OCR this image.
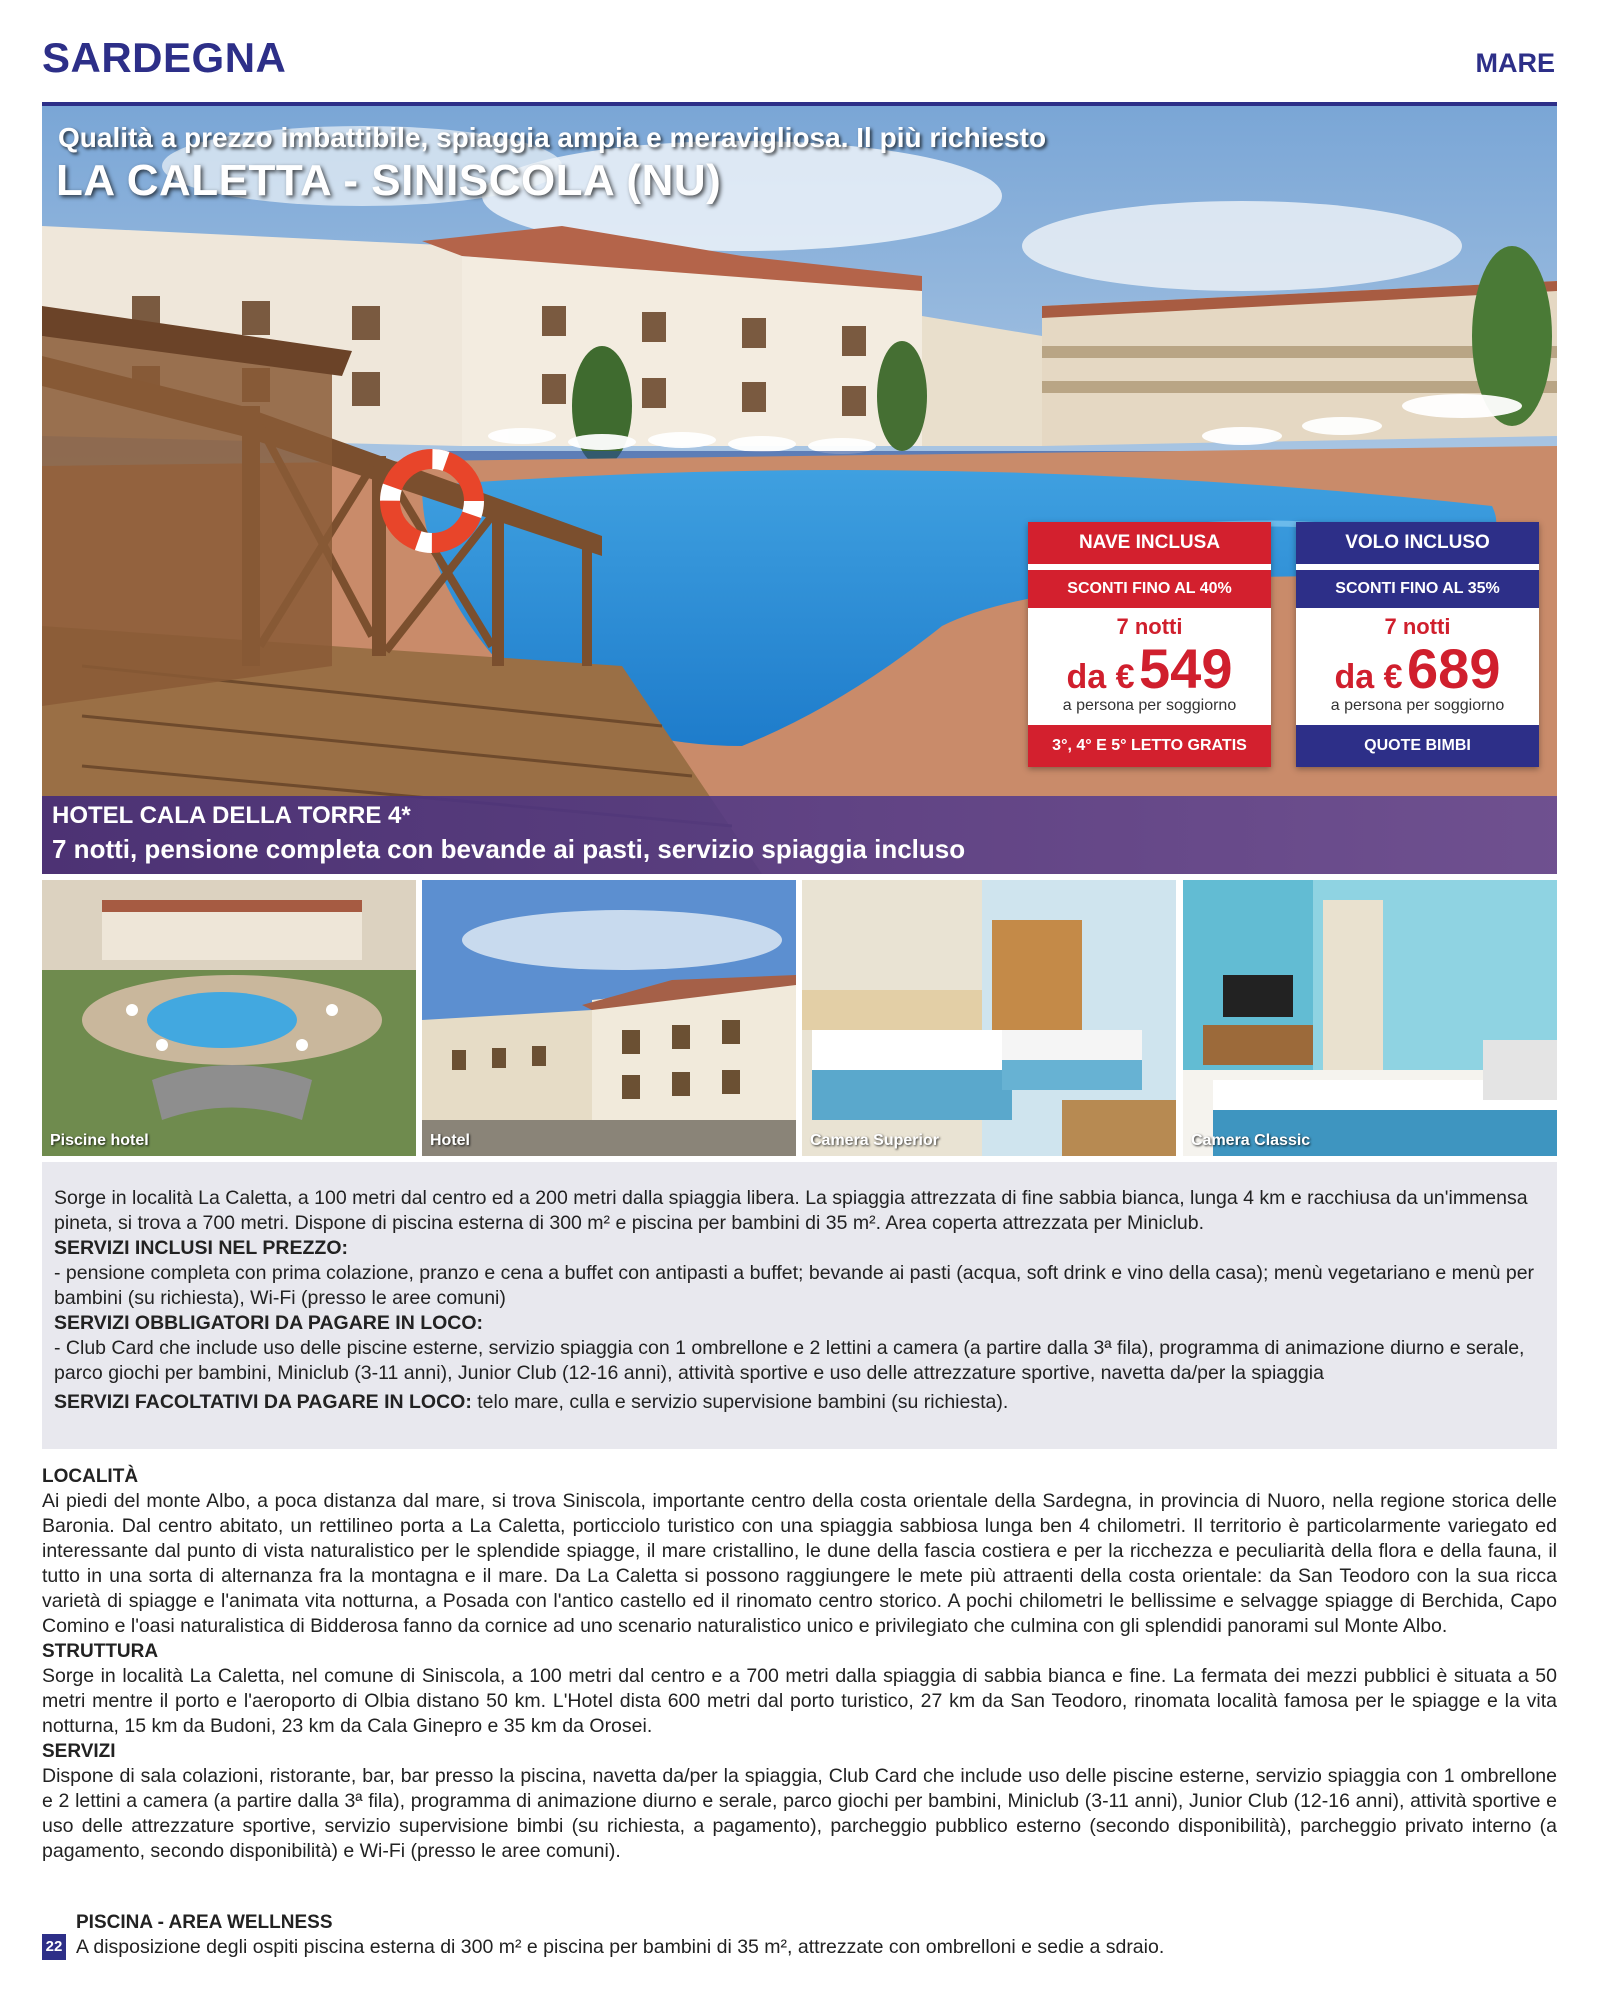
SARDEGNA	MARE
Qualità a prezzo imbattibile, spiaggia ampia e meravigliosa. Il più richiesto
LA CALETTA - SINISCOLA (NU)
NAVE INCLUSA
SCONTI FINO AL 40%
7 notti
da € 549
a persona per soggiorno
3°, 4° E 5° LETTO GRATIS
VOLO INCLUSO
SCONTI FINO AL 35%
7 notti
da € 689
a persona per soggiorno
QUOTE BIMBI
HOTEL CALA DELLA TORRE 4*
7 notti, pensione completa con bevande ai pasti, servizio spiaggia incluso
Piscine hotel	Hotel	Camera Superior	Camera Classic

Sorge in località La Caletta, a 100 metri dal centro ed a 200 metri dalla spiaggia libera. La spiaggia attrezzata di fine sabbia bianca, lunga 4 km e racchiusa da un'immensa pineta, si trova a 700 metri. Dispone di piscina esterna di 300 m² e piscina per bambini di 35 m². Area coperta attrezzata per Miniclub.

SERVIZI INCLUSI NEL PREZZO:

- pensione completa con prima colazione, pranzo e cena a buffet con antipasti a buffet; bevande ai pasti (acqua, soft drink e vino della casa); menù vegetariano e menù per bambini (su richiesta), Wi-Fi (presso le aree comuni)

SERVIZI OBBLIGATORI DA PAGARE IN LOCO:

- Club Card che include uso delle piscine esterne, servizio spiaggia con 1 ombrellone e 2 lettini a camera (a partire dalla 3ª fila), programma di animazione diurno e serale, parco giochi per bambini, Miniclub (3-11 anni), Junior Club (12-16 anni), attività sportive e uso delle attrezzature sportive, navetta da/per la spiaggia

SERVIZI FACOLTATIVI DA PAGARE IN LOCO: telo mare, culla e servizio supervisione bambini (su richiesta).

LOCALITÀ

Ai piedi del monte Albo, a poca distanza dal mare, si trova Siniscola, importante centro della costa orientale della Sardegna, in provincia di Nuoro, nella regione storica delle Baronia. Dal centro abitato, un rettilineo porta a La Caletta, porticciolo turistico con una spiaggia sabbiosa lunga ben 4 chilometri. Il territorio è particolarmente variegato ed interessante dal punto di vista naturalistico per le splendide spiagge, il mare cristallino, le dune della fascia costiera e per la ricchezza e peculiarità della flora e della fauna, il tutto in una sorta di alternanza fra la montagna e il mare. Da La Caletta si possono raggiungere le mete più attraenti della costa orientale: da San Teodoro con la sua ricca varietà di spiagge e l'animata vita notturna, a Posada con l'antico castello ed il rinomato centro storico. A pochi chilometri le bellissime e selvagge spiagge di Berchida, Capo Comino e l'oasi naturalistica di Bidderosa fanno da cornice ad uno scenario naturalistico unico e privilegiato che culmina con gli splendidi panorami sul Monte Albo.

STRUTTURA

Sorge in località La Caletta, nel comune di Siniscola, a 100 metri dal centro e a 700 metri dalla spiaggia di sabbia bianca e fine. La fermata dei mezzi pubblici è situata a 50 metri mentre il porto e l'aeroporto di Olbia distano 50 km. L'Hotel dista 600 metri dal porto turistico, 27 km da San Teodoro, rinomata località famosa per le spiagge e la vita notturna, 15 km da Budoni, 23 km da Cala Ginepro e 35 km da Orosei.

SERVIZI

Dispone di sala colazioni, ristorante, bar, bar presso la piscina, navetta da/per la spiaggia, Club Card che include uso delle piscine esterne, servizio spiaggia con 1 ombrellone e 2 lettini a camera (a partire dalla 3ª fila), programma di animazione diurno e serale, parco giochi per bambini, Miniclub (3-11 anni), Junior Club (12-16 anni), attività sportive e uso delle attrezzature sportive, servizio supervisione bimbi (su richiesta, a pagamento), parcheggio pubblico esterno (secondo disponibilità), parcheggio privato interno (a pagamento, secondo disponibilità) e Wi-Fi (presso le aree comuni).

22
PISCINA - AREA WELLNESS

A disposizione degli ospiti piscina esterna di 300 m² e piscina per bambini di 35 m², attrezzate con ombrelloni e sedie a sdraio.
